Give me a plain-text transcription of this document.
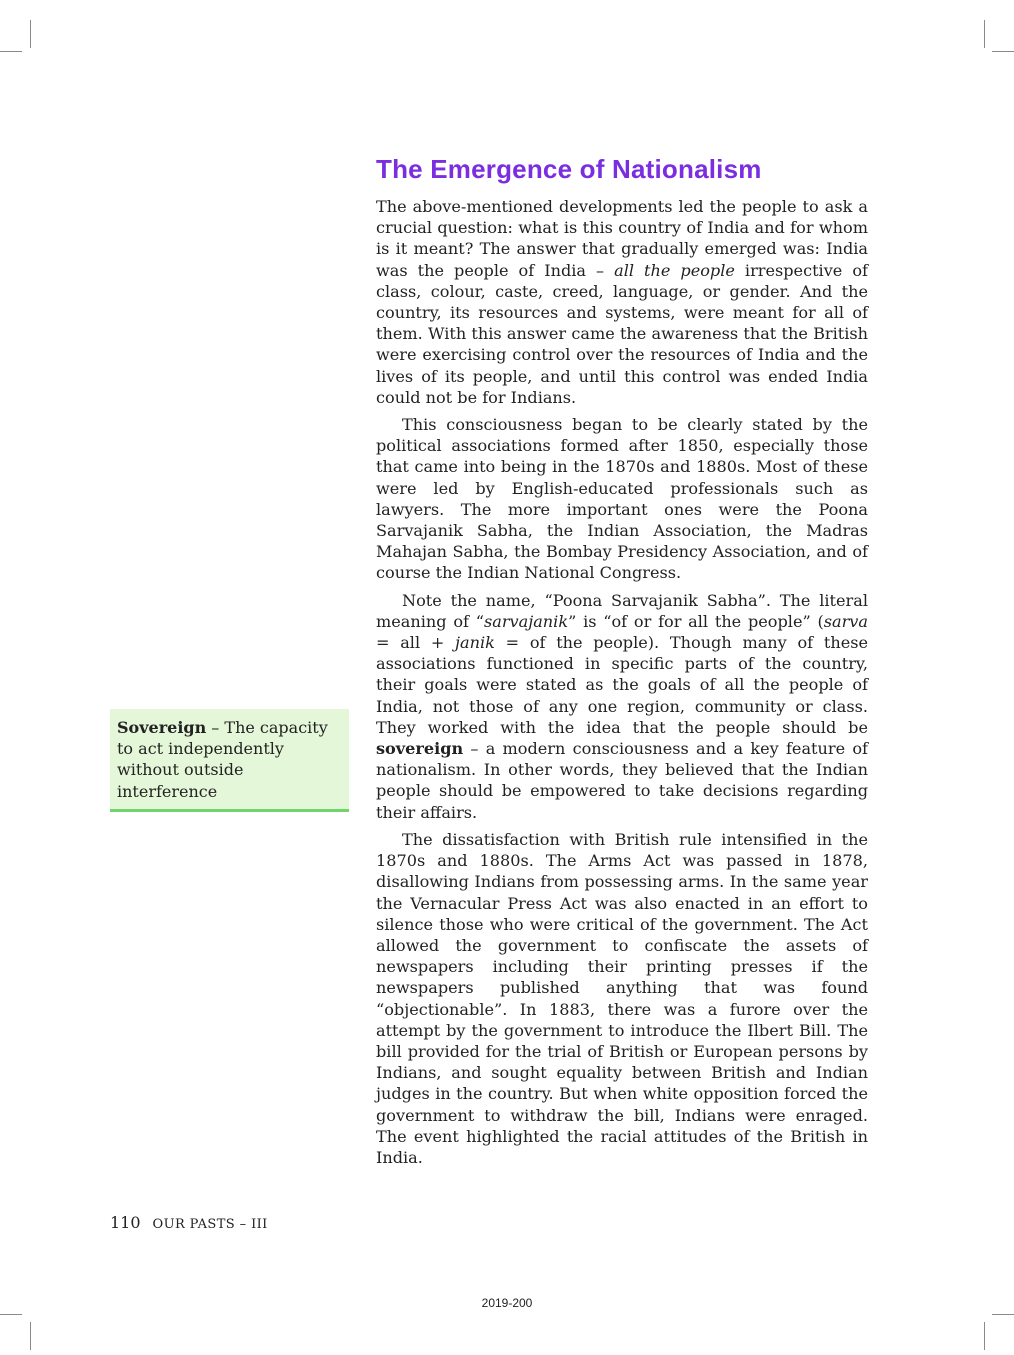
The Emergence of Nationalism

The above-mentioned developments led the people to ask a crucial question: what is this country of India and for whom is it meant? The answer that gradually emerged was: India was the people of India – all the people irrespective of class, colour, caste, creed, language, or gender. And the country, its resources and systems, were meant for all of them. With this answer came the awareness that the British were exercising control over the resources of India and the lives of its people, and until this control was ended India could not be for Indians.

This consciousness began to be clearly stated by the political associations formed after 1850, especially those that came into being in the 1870s and 1880s. Most of these were led by English-educated professionals such as lawyers. The more important ones were the Poona Sarvajanik Sabha, the Indian Association, the Madras Mahajan Sabha, the Bombay Presidency Association, and of course the Indian National Congress.

Note the name, “Poona Sarvajanik Sabha”. The literal meaning of “sarvajanik” is “of or for all the people” (sarva = all + janik = of the people). Though many of these associations functioned in specific parts of the country, their goals were stated as the goals of all the people of India, not those of any one region, community or class. They worked with the idea that the people should be sovereign – a modern consciousness and a key feature of nationalism. In other words, they believed that the Indian people should be empowered to take decisions regarding their affairs.

The dissatisfaction with British rule intensified in the 1870s and 1880s. The Arms Act was passed in 1878, disallowing Indians from possessing arms. In the same year the Vernacular Press Act was also enacted in an effort to silence those who were critical of the government. The Act allowed the government to confiscate the assets of newspapers including their printing presses if the newspapers published anything that was found “objectionable”. In 1883, there was a furore over the attempt by the government to introduce the Ilbert Bill. The bill provided for the trial of British or European persons by Indians, and sought equality between British and Indian judges in the country. But when white opposition forced the government to withdraw the bill, Indians were enraged. The event highlighted the racial attitudes of the British in India.

Sovereign – The capacity to act independently without outside interference
110 OUR PASTS – III
2019-200
